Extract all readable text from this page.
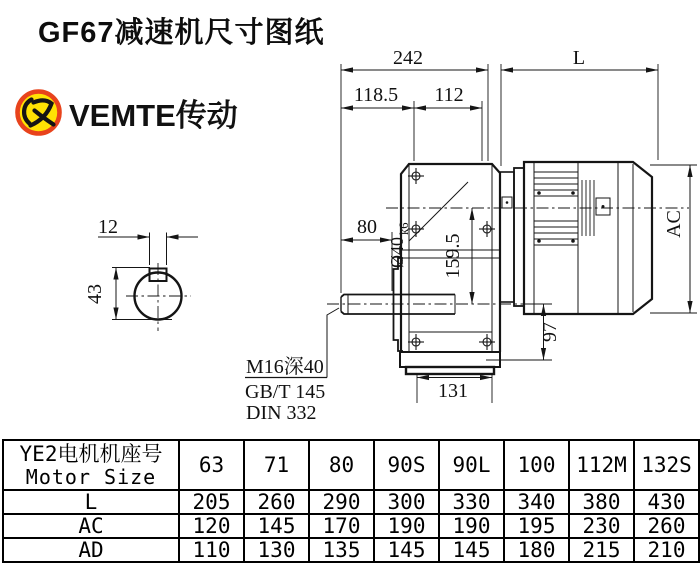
GF67减速机尺寸图纸
VEMTE传动
12
43
242	L
118.5 112
80
Ø40
k6
159.5
97
131
AC
M16深40
GB/T 145
DIN 332
YE2电机机座号
Motor Size	63	71	80	90S	90L	100	112M	132S
L	205	260	290	300	330	340	380	430
AC	120	145	170	190	190	195	230	260
AD	110	130	135	145	145	180	215	210
